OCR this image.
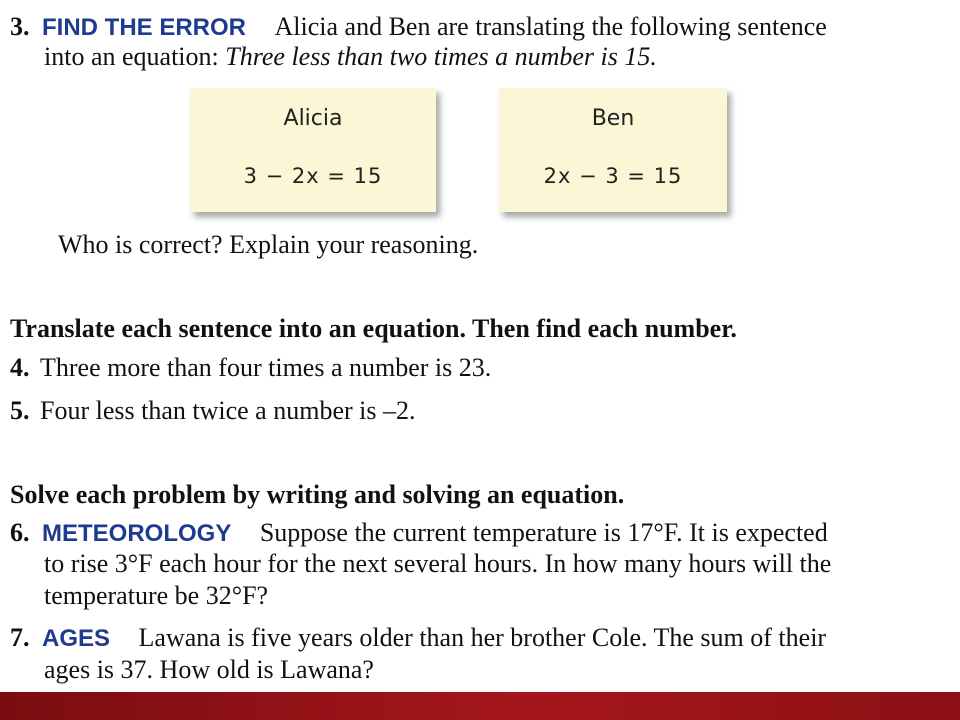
3. FIND THE ERROR Alicia and Ben are translating the following sentence
into an equation: Three less than two times a number is 15.
Alicia
3 − 2x = 15
Ben
2x − 3 = 15
Who is correct? Explain your reasoning.
Translate each sentence into an equation. Then find each number.
4. Three more than four times a number is 23.
5. Four less than twice a number is –2.
Solve each problem by writing and solving an equation.
6. METEOROLOGY Suppose the current temperature is 17°F. It is expected
to rise 3°F each hour for the next several hours. In how many hours will the
temperature be 32°F?
7. AGES Lawana is five years older than her brother Cole. The sum of their
ages is 37. How old is Lawana?
